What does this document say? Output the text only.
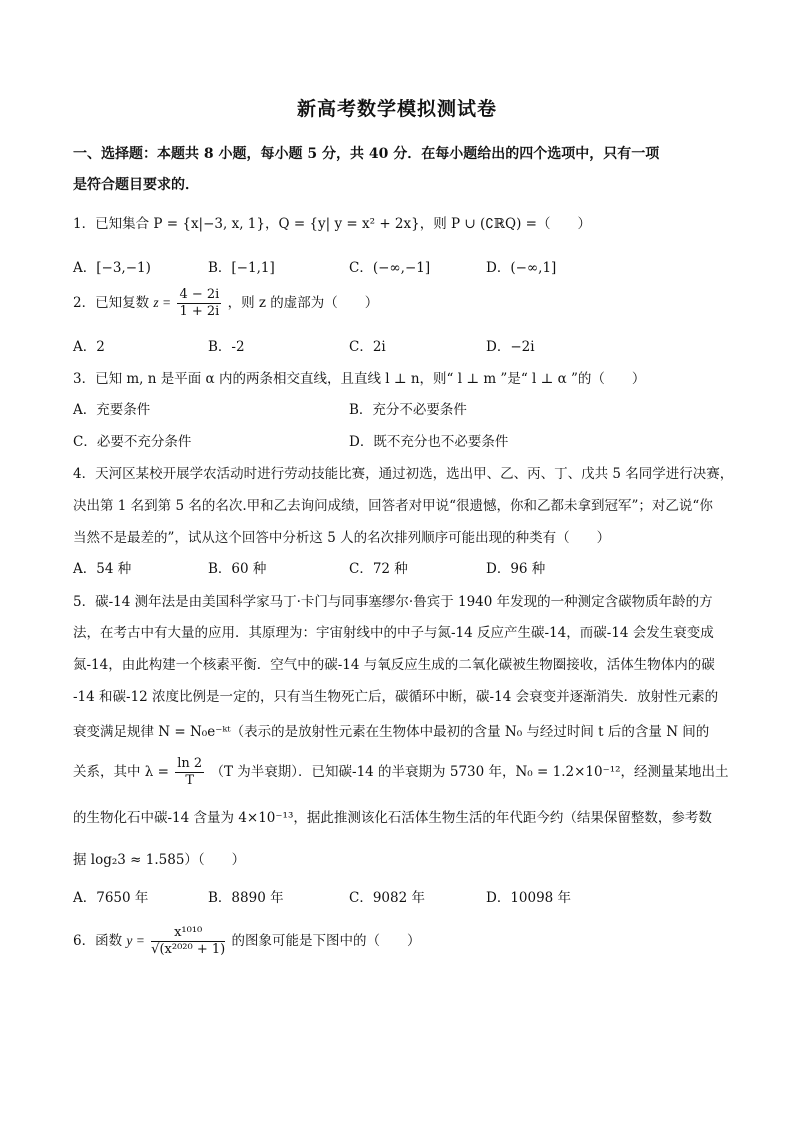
新高考数学模拟测试卷
一、选择题：本题共 8 小题，每小题 5 分，共 40 分．在每小题给出的四个选项中，只有一项
是符合题目要求的．
1．已知集合 P = {x|−3, x, 1}，Q = {y| y = x² + 2x}，则 P ∪ (∁ℝQ) =（　　）
A．[−3,−1)	B．[−1,1]	C．(−∞,−1]	D．(−∞,1]
2．已知复数 $z = \frac{4 - 2i}{1 + 2i}$ ，则 z 的虚部为（　　）
A．2	B．-2	C．2i	D．−2i
3．已知 m, n 是平面 α 内的两条相交直线，且直线 l ⊥ n，则“ l ⊥ m ”是“ l ⊥ α ”的（　　）
A．充要条件	B．充分不必要条件
C．必要不充分条件	D．既不充分也不必要条件
4．天河区某校开展学农活动时进行劳动技能比赛，通过初选，选出甲、乙、丙、丁、戊共 5 名同学进行决赛，
决出第 1 名到第 5 名的名次.甲和乙去询问成绩，回答者对甲说“很遗憾，你和乙都未拿到冠军”；对乙说“你
当然不是最差的”，试从这个回答中分析这 5 人的名次排列顺序可能出现的种类有（　　）
A．54 种	B．60 种	C．72 种	D．96 种
5．碳-14 测年法是由美国科学家马丁·卡门与同事塞缪尔·鲁宾于 1940 年发现的一种测定含碳物质年龄的方
法，在考古中有大量的应用．其原理为：宇宙射线中的中子与氮-14 反应产生碳-14，而碳-14 会发生衰变成
氮-14，由此构建一个核素平衡．空气中的碳-14 与氧反应生成的二氧化碳被生物圈接收，活体生物体内的碳
-14 和碳-12 浓度比例是一定的，只有当生物死亡后，碳循环中断，碳-14 会衰变并逐渐消失．放射性元素的
衰变满足规律 N = N₀e⁻ᵏᵗ（表示的是放射性元素在生物体中最初的含量 N₀ 与经过时间 t 后的含量 N 间的
关系，其中 $\lambda = \frac{\ln 2}{T} (T$ 为半衰期）．已知碳-14 的半衰期为 5730 年，N₀ = 1.2×10⁻¹²，经测量某地出土
的生物化石中碳-14 含量为 4×10⁻¹³，据此推测该化石活体生物生活的年代距今约（结果保留整数，参考数
据 log₂3 ≈ 1.585）（　　）
A．7650 年	B．8890 年	C．9082 年	D．10098 年
6．函数 $y = \frac{\text{x¹⁰¹⁰}}{\text{√(x²⁰²⁰ + 1)}}$ 的图象可能是下图中的（　　）
